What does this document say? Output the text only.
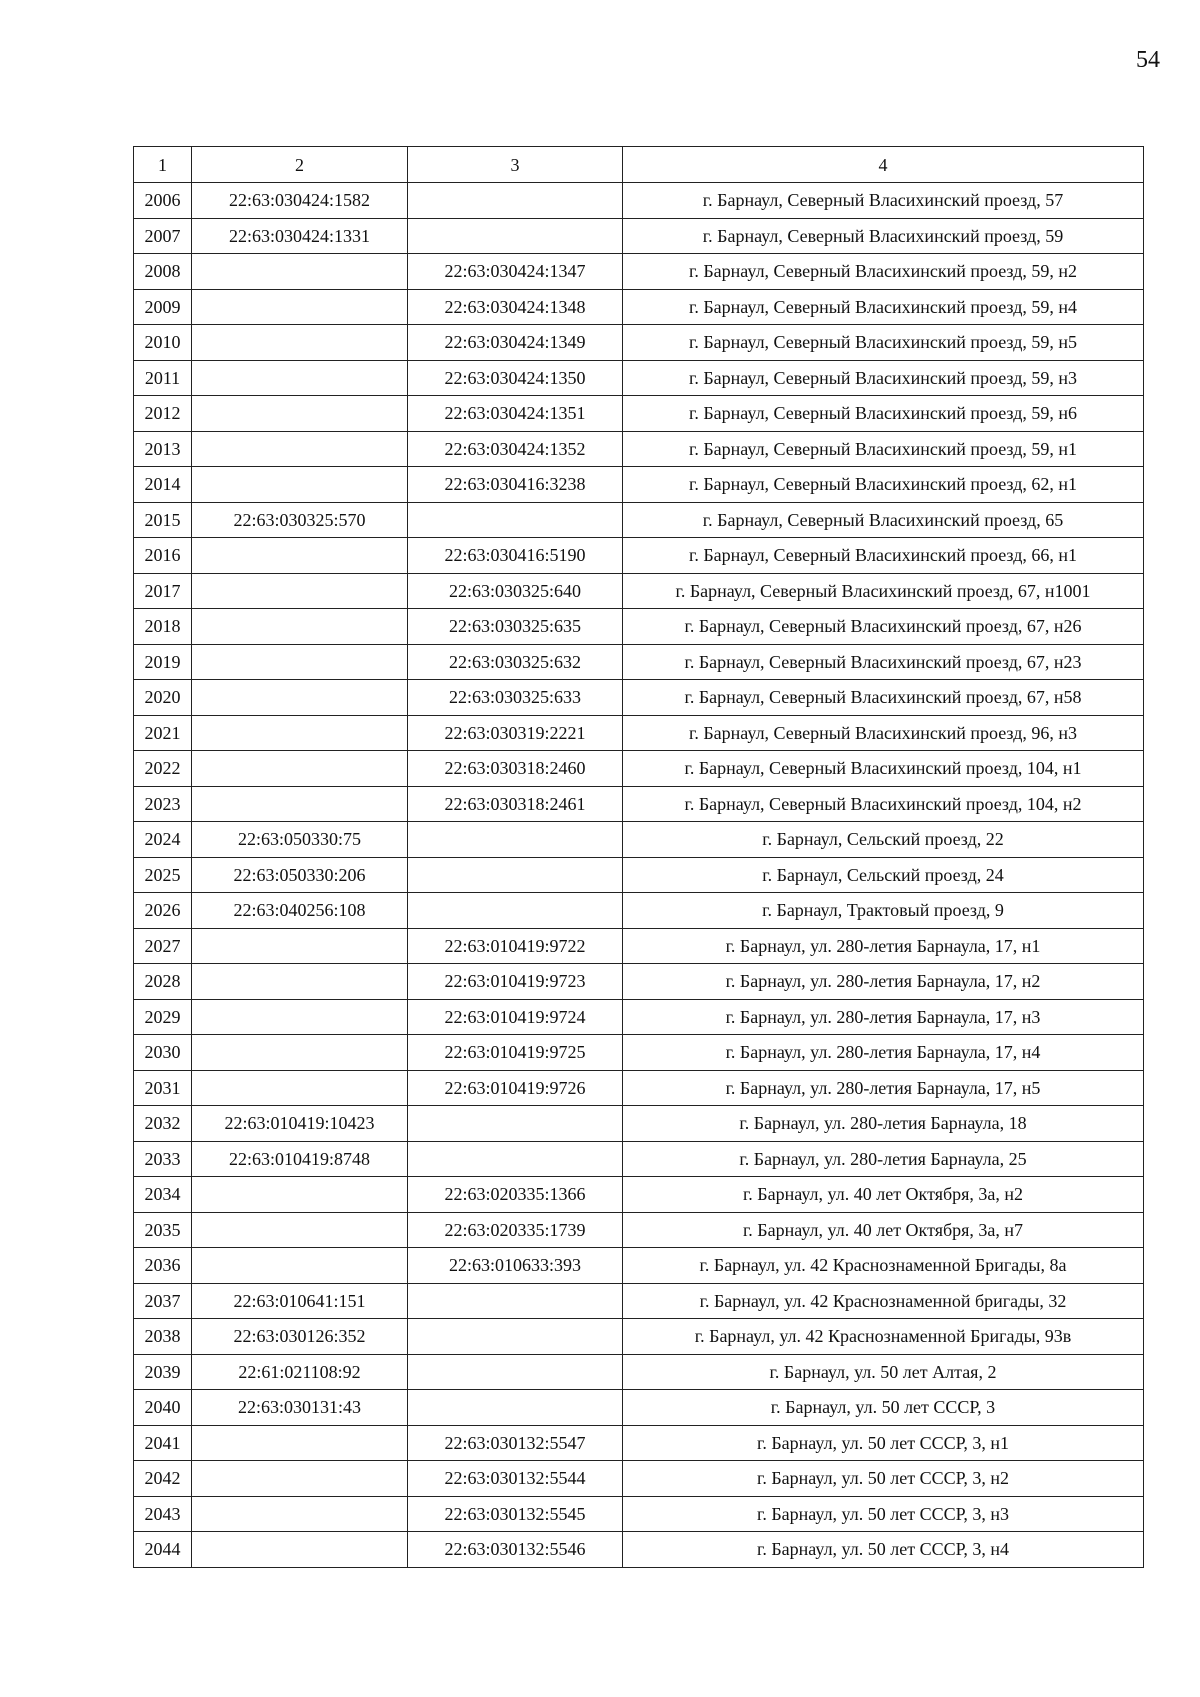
54
1	2	3	4
2006	22:63:030424:1582		г. Барнаул, Северный Власихинский проезд, 57
2007	22:63:030424:1331		г. Барнаул, Северный Власихинский проезд, 59
2008		22:63:030424:1347	г. Барнаул, Северный Власихинский проезд, 59, н2
2009		22:63:030424:1348	г. Барнаул, Северный Власихинский проезд, 59, н4
2010		22:63:030424:1349	г. Барнаул, Северный Власихинский проезд, 59, н5
2011		22:63:030424:1350	г. Барнаул, Северный Власихинский проезд, 59, н3
2012		22:63:030424:1351	г. Барнаул, Северный Власихинский проезд, 59, н6
2013		22:63:030424:1352	г. Барнаул, Северный Власихинский проезд, 59, н1
2014		22:63:030416:3238	г. Барнаул, Северный Власихинский проезд, 62, н1
2015	22:63:030325:570		г. Барнаул, Северный Власихинский проезд, 65
2016		22:63:030416:5190	г. Барнаул, Северный Власихинский проезд, 66, н1
2017		22:63:030325:640	г. Барнаул, Северный Власихинский проезд, 67, н1001
2018		22:63:030325:635	г. Барнаул, Северный Власихинский проезд, 67, н26
2019		22:63:030325:632	г. Барнаул, Северный Власихинский проезд, 67, н23
2020		22:63:030325:633	г. Барнаул, Северный Власихинский проезд, 67, н58
2021		22:63:030319:2221	г. Барнаул, Северный Власихинский проезд, 96, н3
2022		22:63:030318:2460	г. Барнаул, Северный Власихинский проезд, 104, н1
2023		22:63:030318:2461	г. Барнаул, Северный Власихинский проезд, 104, н2
2024	22:63:050330:75		г. Барнаул, Сельский проезд, 22
2025	22:63:050330:206		г. Барнаул, Сельский проезд, 24
2026	22:63:040256:108		г. Барнаул, Трактовый проезд, 9
2027		22:63:010419:9722	г. Барнаул, ул. 280-летия Барнаула, 17, н1
2028		22:63:010419:9723	г. Барнаул, ул. 280-летия Барнаула, 17, н2
2029		22:63:010419:9724	г. Барнаул, ул. 280-летия Барнаула, 17, н3
2030		22:63:010419:9725	г. Барнаул, ул. 280-летия Барнаула, 17, н4
2031		22:63:010419:9726	г. Барнаул, ул. 280-летия Барнаула, 17, н5
2032	22:63:010419:10423		г. Барнаул, ул. 280-летия Барнаула, 18
2033	22:63:010419:8748		г. Барнаул, ул. 280-летия Барнаула, 25
2034		22:63:020335:1366	г. Барнаул, ул. 40 лет Октября, 3а, н2
2035		22:63:020335:1739	г. Барнаул, ул. 40 лет Октября, 3а, н7
2036		22:63:010633:393	г. Барнаул, ул. 42 Краснознаменной Бригады, 8а
2037	22:63:010641:151		г. Барнаул, ул. 42 Краснознаменной бригады, 32
2038	22:63:030126:352		г. Барнаул, ул. 42 Краснознаменной Бригады, 93в
2039	22:61:021108:92		г. Барнаул, ул. 50 лет Алтая, 2
2040	22:63:030131:43		г. Барнаул, ул. 50 лет СССР, 3
2041		22:63:030132:5547	г. Барнаул, ул. 50 лет СССР, 3, н1
2042		22:63:030132:5544	г. Барнаул, ул. 50 лет СССР, 3, н2
2043		22:63:030132:5545	г. Барнаул, ул. 50 лет СССР, 3, н3
2044		22:63:030132:5546	г. Барнаул, ул. 50 лет СССР, 3, н4
